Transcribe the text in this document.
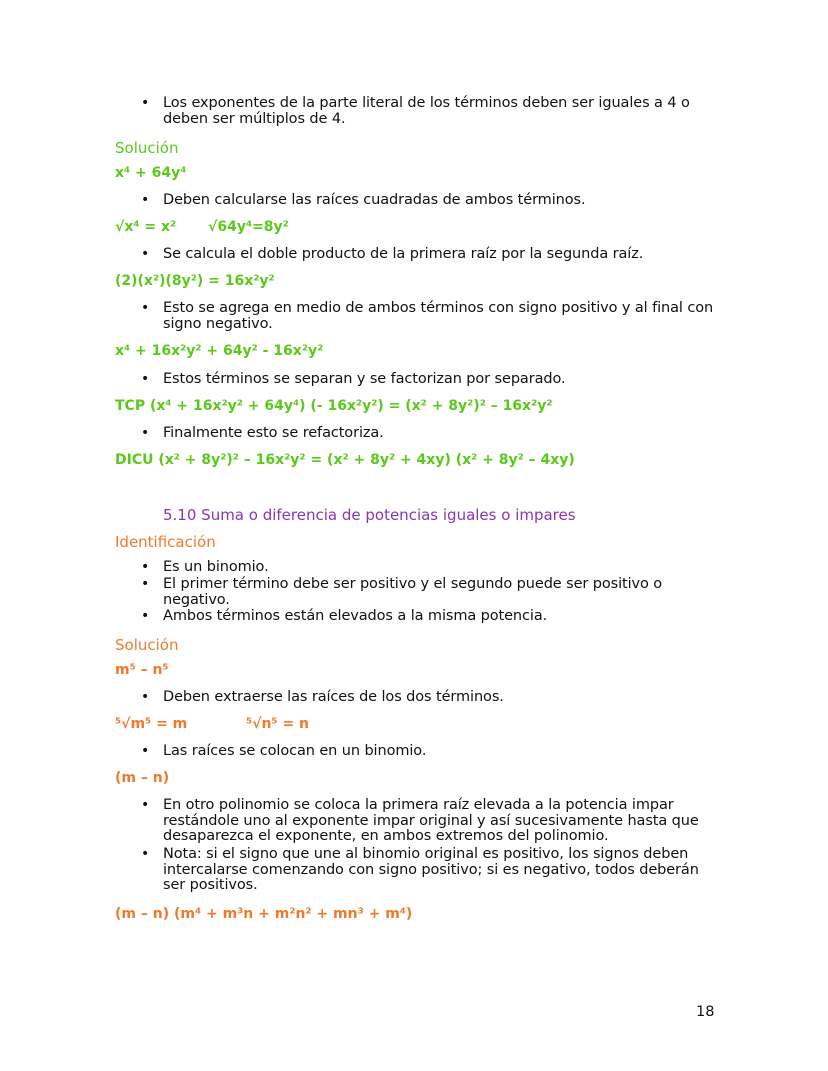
• Los exponentes de la parte literal de los términos deben ser iguales a 4 o deben ser múltiplos de 4.
Solución
x⁴ + 64y⁴
• Deben calcularse las raíces cuadradas de ambos términos.
√x⁴ = x² √64y⁴=8y²
• Se calcula el doble producto de la primera raíz por la segunda raíz.
(2)(x²)(8y²) = 16x²y²
• Esto se agrega en medio de ambos términos con signo positivo y al final con signo negativo.
x⁴ + 16x²y² + 64y² - 16x²y²
• Estos términos se separan y se factorizan por separado.
TCP (x⁴ + 16x²y² + 64y⁴) (- 16x²y²) = (x² + 8y²)² – 16x²y²
• Finalmente esto se refactoriza.
DICU (x² + 8y²)² – 16x²y² = (x² + 8y² + 4xy) (x² + 8y² – 4xy)
5.10 Suma o diferencia de potencias iguales o impares
Identificación
• Es un binomio.
• El primer término debe ser positivo y el segundo puede ser positivo o negativo.
• Ambos términos están elevados a la misma potencia.
Solución
m⁵ – n⁵
• Deben extraerse las raíces de los dos términos.
⁵√m⁵ = m	⁵√n⁵ = n
• Las raíces se colocan en un binomio.
(m – n)
• En otro polinomio se coloca la primera raíz elevada a la potencia impar restándole uno al exponente impar original y así sucesivamente hasta que desaparezca el exponente, en ambos extremos del polinomio.
• Nota: si el signo que une al binomio original es positivo, los signos deben intercalarse comenzando con signo positivo; si es negativo, todos deberán ser positivos.
(m – n) (m⁴ + m³n + m²n² + mn³ + m⁴)
18
